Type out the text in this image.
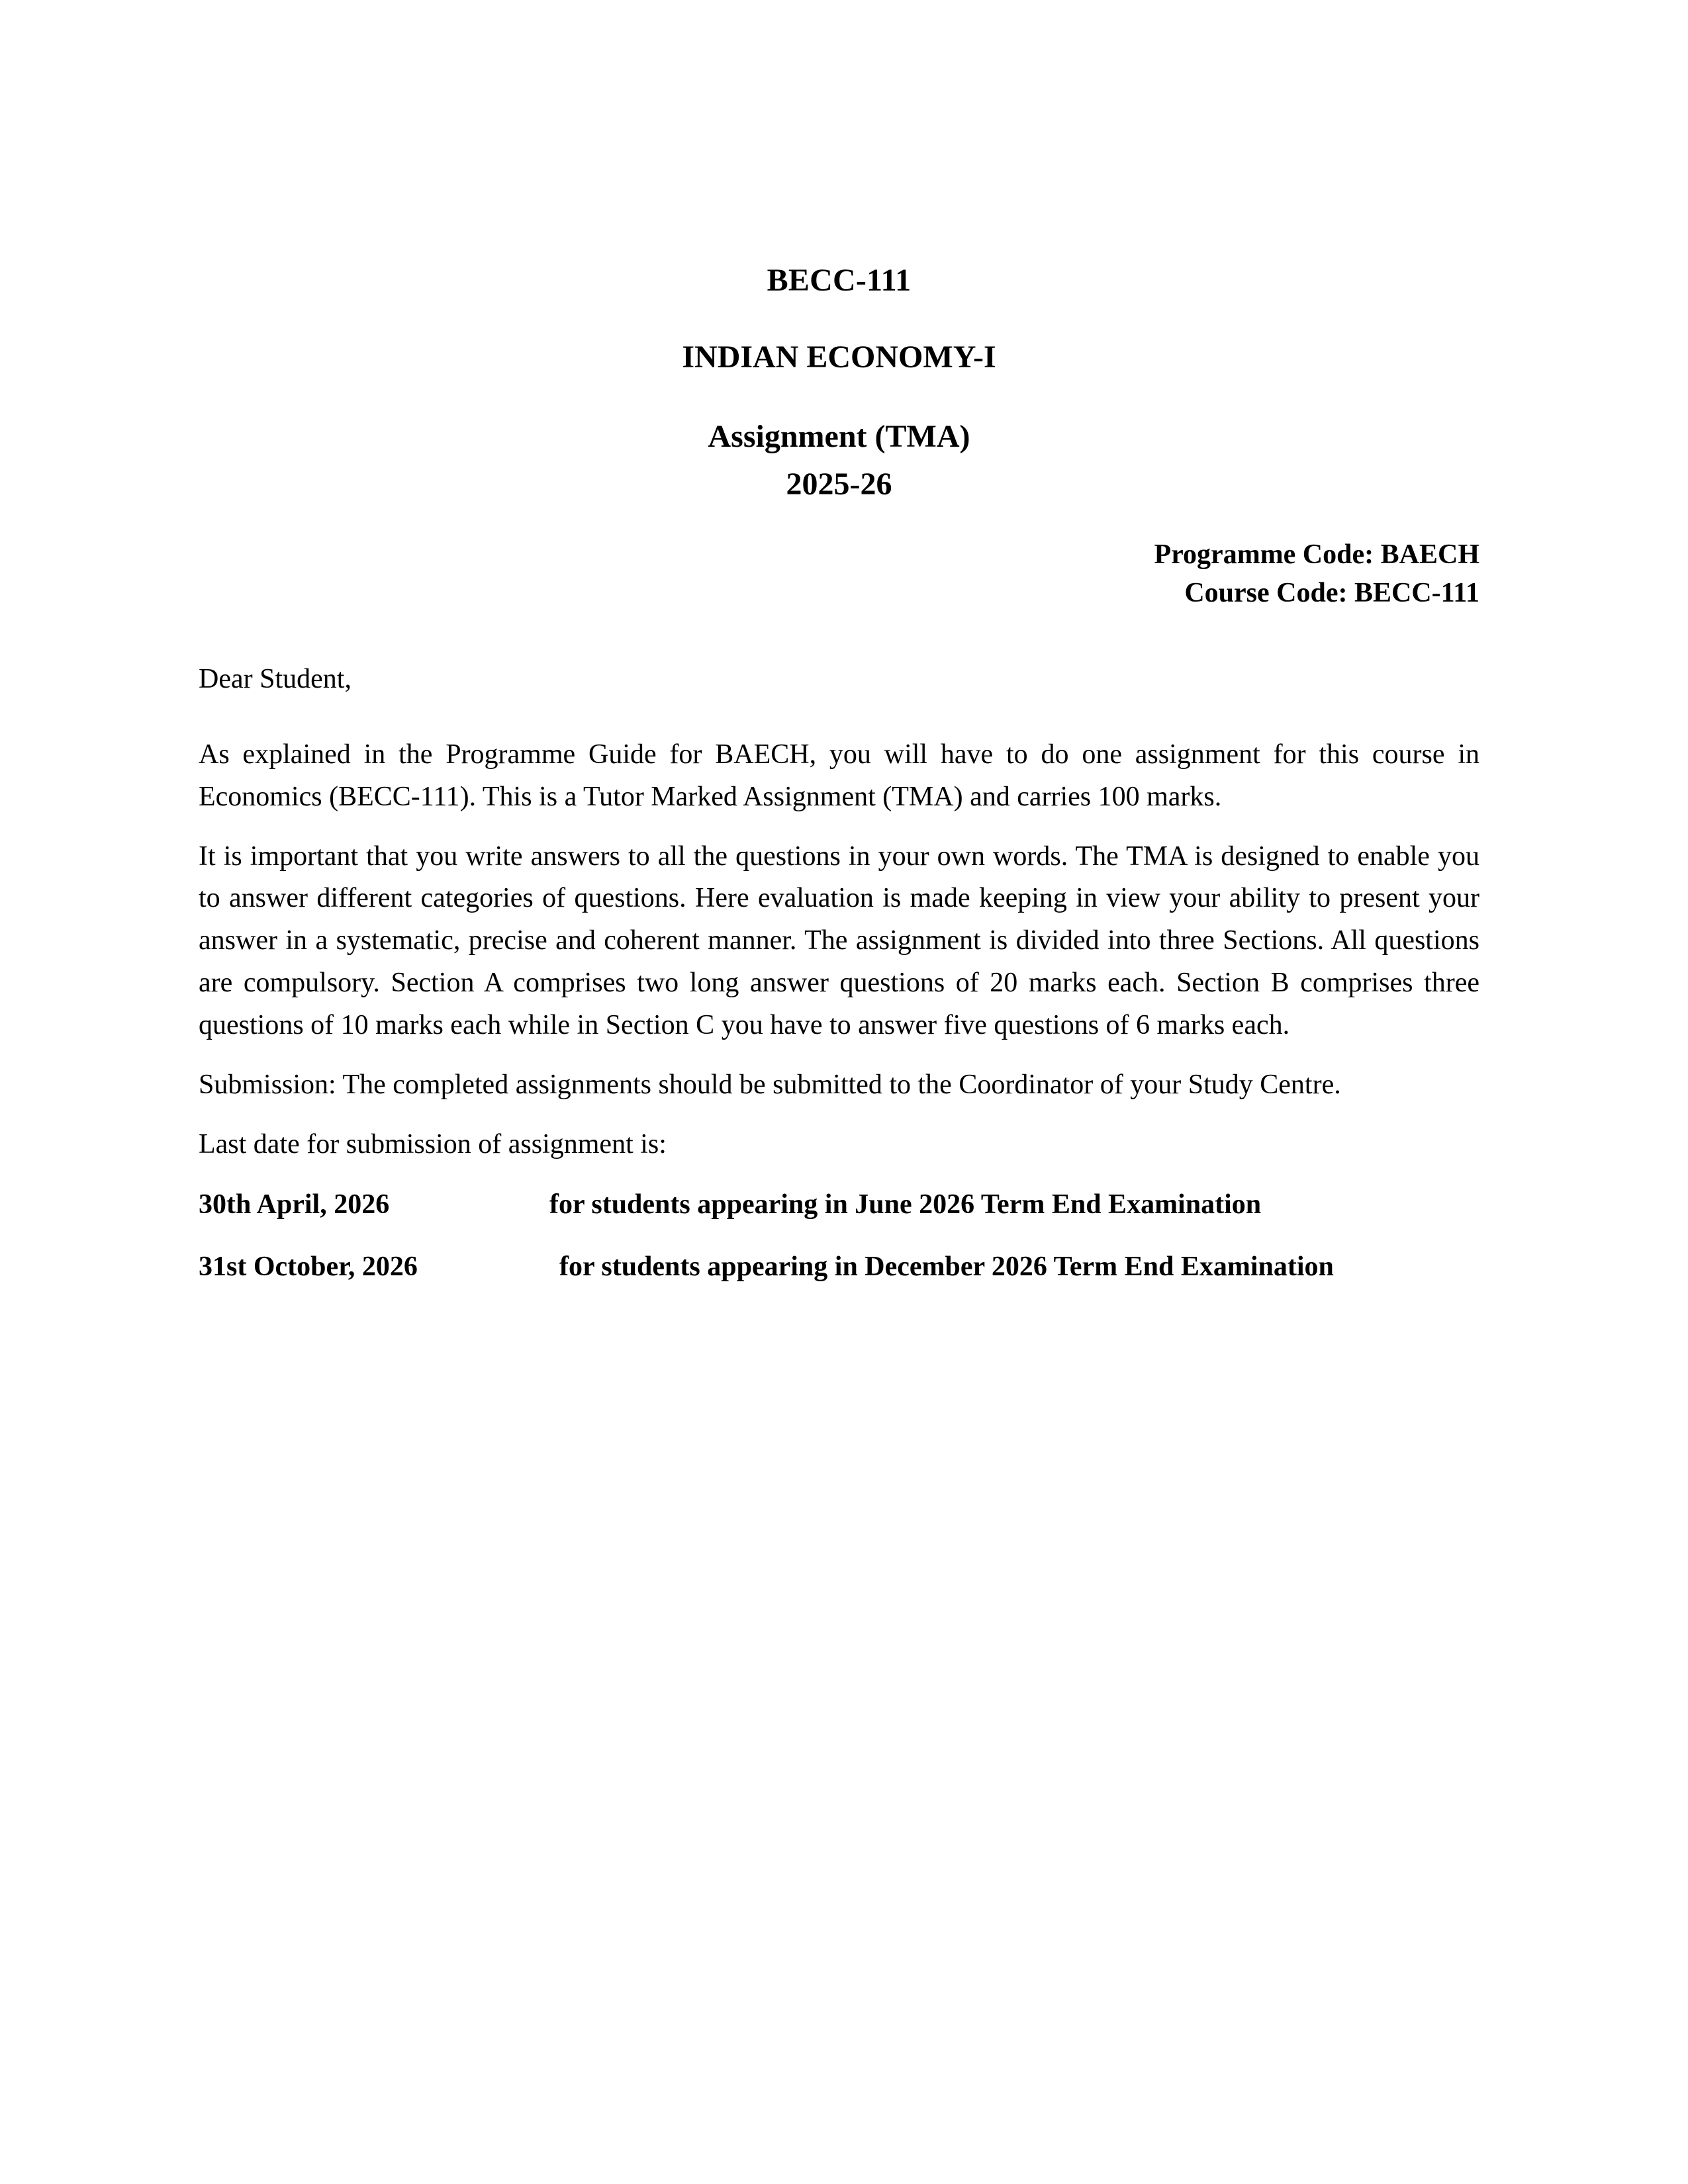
BECC-111
INDIAN ECONOMY-I
Assignment (TMA)
2025-26
Programme Code: BAECH
Course Code: BECC-111
Dear Student,

As explained in the Programme Guide for BAECH, you will have to do one assignment for this course in Economics (BECC-111). This is a Tutor Marked Assignment (TMA) and carries 100 marks.

It is important that you write answers to all the questions in your own words. The TMA is designed to enable you to answer different categories of questions. Here evaluation is made keeping in view your ability to present your answer in a systematic, precise and coherent manner. The assignment is divided into three Sections. All questions are compulsory. Section A comprises two long answer questions of 20 marks each. Section B comprises three questions of 10 marks each while in Section C you have to answer five questions of 6 marks each.

Submission: The completed assignments should be submitted to the Coordinator of your Study Centre.

Last date for submission of assignment is:
30th April, 2026	for students appearing in June 2026 Term End Examination
31st October, 2026	for students appearing in December 2026 Term End Examination
